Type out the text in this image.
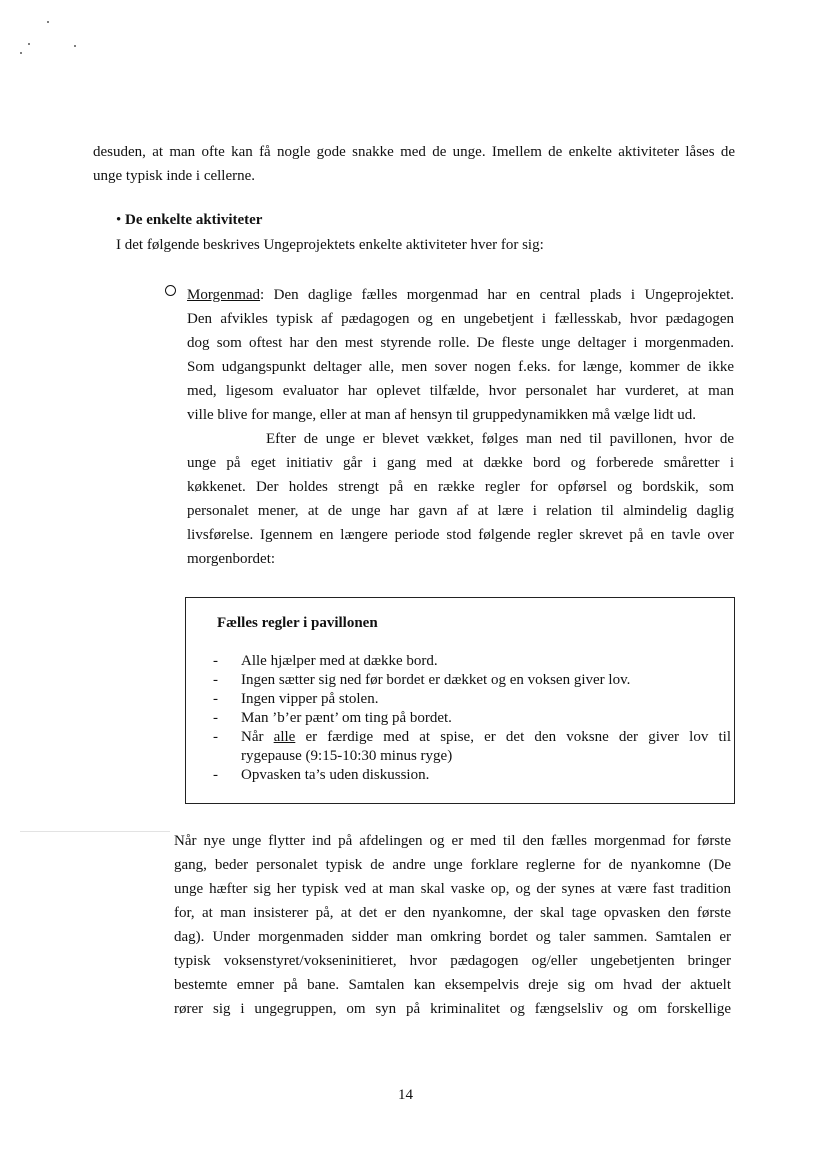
desuden, at man ofte kan få nogle gode snakke med de unge. Imellem de enkelte aktiviteter låses de
unge typisk inde i cellerne.
• De enkelte aktiviteter
I det følgende beskrives Ungeprojektets enkelte aktiviteter hver for sig:
Morgenmad: Den daglige fælles morgenmad har en central plads i Ungeprojektet.
Den afvikles typisk af pædagogen og en ungebetjent i fællesskab, hvor pædagogen
dog som oftest har den mest styrende rolle. De fleste unge deltager i morgenmaden.
Som udgangspunkt deltager alle, men sover nogen f.eks. for længe, kommer de ikke
med, ligesom evaluator har oplevet tilfælde, hvor personalet har vurderet, at man
ville blive for mange, eller at man af hensyn til gruppedynamikken må vælge lidt ud.
Efter de unge er blevet vækket, følges man ned til pavillonen, hvor de
unge på eget initiativ går i gang med at dække bord og forberede småretter i
køkkenet. Der holdes strengt på en række regler for opførsel og bordskik, som
personalet mener, at de unge har gavn af at lære i relation til almindelig daglig
livsførelse. Igennem en længere periode stod følgende regler skrevet på en tavle over
morgenbordet:
Fælles regler i pavillonen
- Alle hjælper med at dække bord.
- Ingen sætter sig ned før bordet er dækket og en voksen giver lov.
- Ingen vipper på stolen.
- Man ’b’er pænt’ om ting på bordet.
- Når alle er færdige med at spise, er det den voksne der giver lov til
rygepause (9:15-10:30 minus ryge)
- Opvasken ta’s uden diskussion.
Når nye unge flytter ind på afdelingen og er med til den fælles morgenmad for første
gang, beder personalet typisk de andre unge forklare reglerne for de nyankomne (De
unge hæfter sig her typisk ved at man skal vaske op, og der synes at være fast tradition
for, at man insisterer på, at det er den nyankomne, der skal tage opvasken den første
dag). Under morgenmaden sidder man omkring bordet og taler sammen. Samtalen er
typisk voksenstyret/vokseninitieret, hvor pædagogen og/eller ungebetjenten bringer
bestemte emner på bane. Samtalen kan eksempelvis dreje sig om hvad der aktuelt
rører sig i ungegruppen, om syn på kriminalitet og fængselsliv og om forskellige
14
